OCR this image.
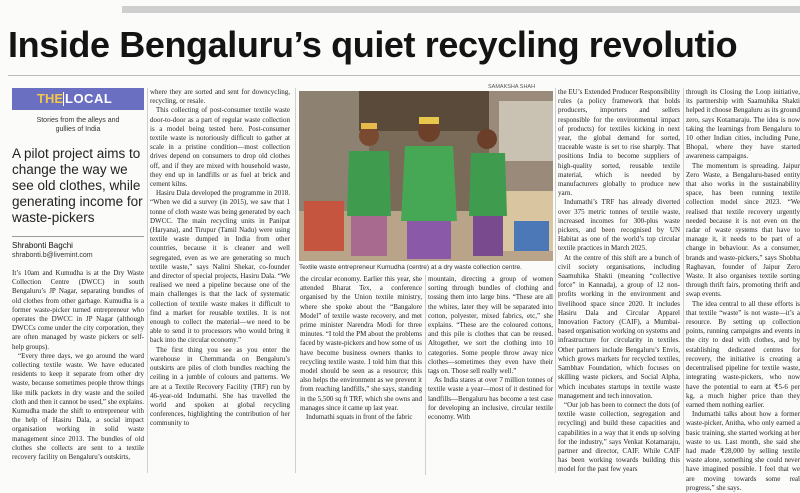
Inside Bengaluru’s quiet recycling revolutio
THE LOCAL
Stories from the alleys and gullies of India
A pilot project aims to change the way we see old clothes, while generating income for waste-pickers
Shrabonti Bagchi
shrabonti.b@livemint.com

It’s 10am and Kumudha is at the Dry Waste Collection Centre (DWCC) in south Bengaluru’s JP Nagar, separating bundles of old clothes from other garbage. Kumudha is a former waste-picker turned entrepreneur who operates the DWCC in JP Nagar (although DWCCs come under the city corporation, they are often managed by waste pickers or self-help groups).

“Every three days, we go around the ward collecting textile waste. We have educated residents to keep it separate from other dry waste, because sometimes people throw things like milk packets in dry waste and the soiled cloth and then it cannot be used,” she explains. Kumudha made the shift to entrepreneur with the help of Hasiru Dala, a social impact organisation working in solid waste management since 2013. The bundles of old clothes she collects are sent to a textile recovery facility on Bengaluru’s outskirts,

where they are sorted and sent for downcycling, recycling, or resale.

This collecting of post-consumer textile waste door-to-door as a part of regular waste collection is a model being tested here. Post-consumer textile waste is notoriously difficult to gather at scale in a pristine condition—most collection drives depend on consumers to drop old clothes off, and if they are mixed with household waste, they end up in landfills or as fuel at brick and cement kilns.

Hasiru Dala developed the programme in 2018. “When we did a survey (in 2015), we saw that 1 tonne of cloth waste was being generated by each DWCC. The main recycling units in Panipat (Haryana), and Tirupur (Tamil Nadu) were using textile waste dumped in India from other countries, because it is cleaner and well segregated, even as we are generating so much textile waste,” says Nalini Shekar, co-founder and director of special projects, Hasiru Dala. “We realised we need a pipeline because one of the main challenges is that the lack of systematic collection of textile waste makes it difficult to find a market for reusable textiles. It is not enough to collect the material—we need to be able to send it to processors who would bring it back into the circular economy.”

The first thing you see as you enter the warehouse in Chemmanda on Bengaluru’s outskirts are piles of cloth bundles reaching the ceiling in a jumble of colours and patterns. We are at a Textile Recovery Facility (TRF) run by 46-year-old Indumathi. She has travelled the world and spoken at global recycling conferences, highlighting the contribution of her community to

SAMAKSHA SHAH
Textile waste entrepreneur Kumudha (centre) at a dry waste collection centre.

the circular economy. Earlier this year, she attended Bharat Tex, a conference organised by the Union textile ministry, where she spoke about the “Bangalore Model” of textile waste recovery, and met prime minister Narendra Modi for three minutes. “I told the PM about the problems faced by waste-pickers and how some of us have become business owners thanks to recycling textile waste. I told him that this model should be seen as a resource; this also helps the environment as we prevent it from reaching landfills,” she says, standing in the 5,500 sq ft TRF, which she owns and manages since it came up last year.

Indumathi squats in front of the fabric

mountain, directing a group of women sorting through bundles of clothing and tossing them into large bins. “These are all the whites, later they will be separated into cotton, polyester, mixed fabrics, etc,” she explains. “These are the coloured cottons, and this pile is clothes that can be reused. Altogether, we sort the clothing into 10 categories. Some people throw away nice clothes—sometimes they even have their tags on. Those sell really well.”

As India stares at over 7 million tonnes of textile waste a year—most of it destined for landfills—Bengaluru has become a test case for developing an inclusive, circular textile economy. With

the EU’s Extended Producer Responsibility rules (a policy framework that holds producers, importers and sellers responsible for the environmental impact of products) for textiles kicking in next year, the global demand for sorted, traceable waste is set to rise sharply. That positions India to become suppliers of high-quality sorted, reusable textile material, which is needed by manufacturers globally to produce new yarn.

Indumathi’s TRF has already diverted over 375 metric tonnes of textile waste, increased incomes for 300-plus waste pickers, and been recognised by UN Habitat as one of the world’s top circular textile practices in March 2025.

At the centre of this shift are a bunch of civil society organisations, including Saamuhika Shakti (meaning “collective force” in Kannada), a group of 12 non-profits working in the environment and livelihood space since 2020. It includes Hasiru Dala and Circular Apparel Innovation Factory (CAIF), a Mumbai-based organisation working on systems and infrastructure for circularity in textiles. Other partners include Bengaluru’s Envis, which grows markets for recycled textiles, Sambhav Foundation, which focuses on skilling waste pickers, and Social Alpha, which incubates startups in textile waste management and tech innovation.

“Our job has been to connect the dots (of textile waste collection, segregation and recycling) and build these capacities and capabilities in a way that it ends up solving for the industry,” says Venkat Kotamaraju, partner and director, CAIF. While CAIF has been working towards building this model for the past few years

through its Closing the Loop initiative, its partnership with Saamuhika Shakti helped it choose Bengaluru as its ground zero, says Kotamaraju. The idea is now taking the learnings from Bengaluru to 10 other Indian cities, including Pune, Bhopal, where they have started awareness campaigns.

The momentum is spreading. Jaipur Zero Waste, a Bengaluru-based entity that also works in the sustainability space, has been running textile collection model since 2023. “We realised that textile recovery urgently needed because it is not even on the radar of waste systems that have to manage it, it needs to be part of a change in behaviour. As a consumer, brands and waste-pickers,” says Shobha Raghavan, founder of Jaipur Zero Waste. It also organises textile sorting through thrift fairs, promoting thrift and swap events.

The idea central to all these efforts is that textile “waste” is not waste—it’s a resource. By setting up collection points, running campaigns and events in the city to deal with clothes, and by establishing dedicated centres for recovery, the initiative is creating a decentralised pipeline for textile waste, integrating waste-pickers, who now have the potential to earn at ₹5-6 per kg, a much higher price than they earned them nothing earlier.

Indumathi talks about how a former waste-picker, Anitha, who only earned a basic training, she started working at her waste to us. Last month, she said she had made ₹28,000 by selling textile waste alone, something she could never have imagined possible. I feel that we are moving towards some real progress,” she says.
